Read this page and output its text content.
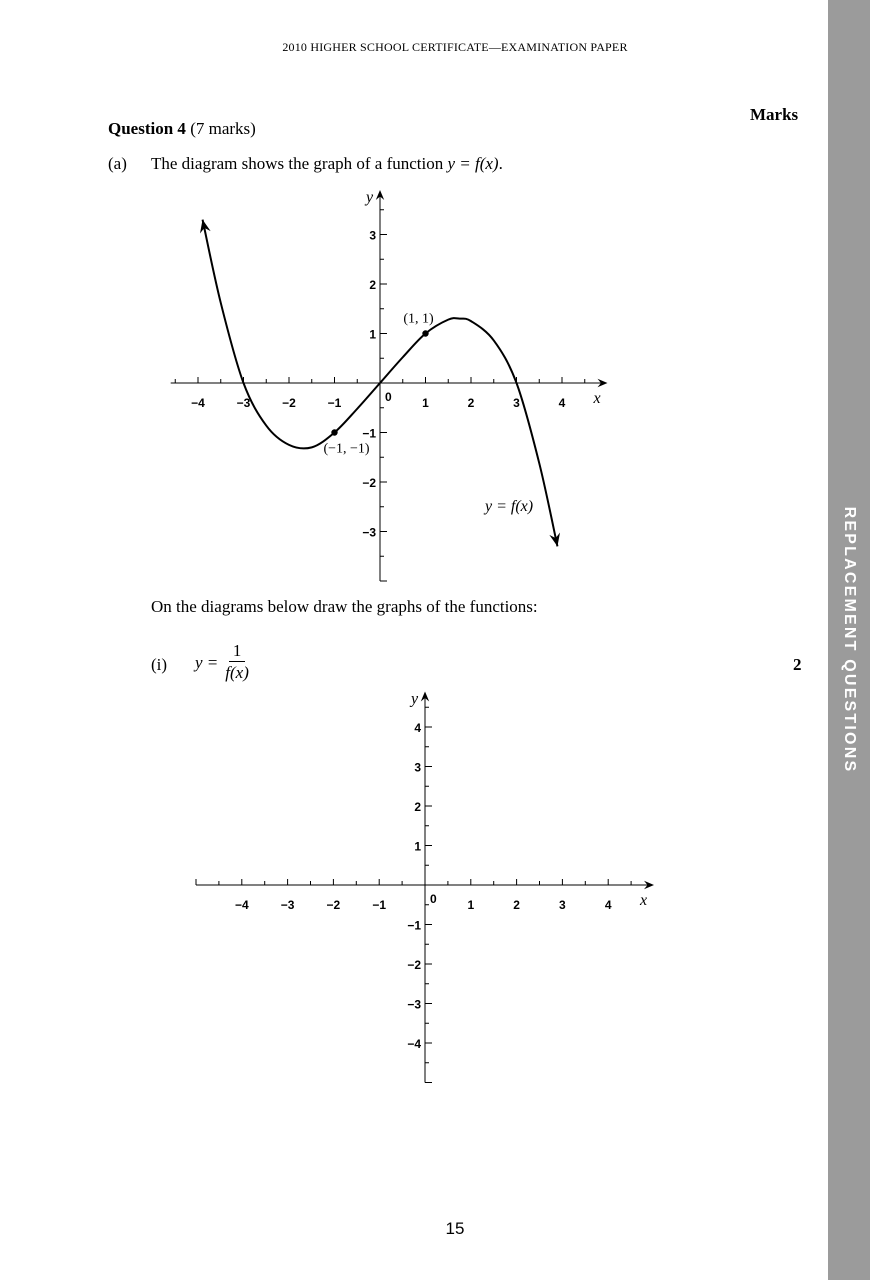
REPLACEMENT QUESTIONS
2010 HIGHER SCHOOL CERTIFICATE—EXAMINATION PAPER
Marks
Question 4 (7 marks)
(a) The diagram shows the graph of a function y = f(x).
−4	−3	−2	−1	1	2	3	4
−3
−2
−1
1
2
3
0	x
y
y = f(x)
(1, 1)
(−1, −1)
On the diagrams below draw the graphs of the functions:
(i) $y = \frac{1}{f(x)}$	2
−4	−3	−2	−1	1	2	3	4
−4
−3
−2
−1
1
2
3
4
0	x
y
15
